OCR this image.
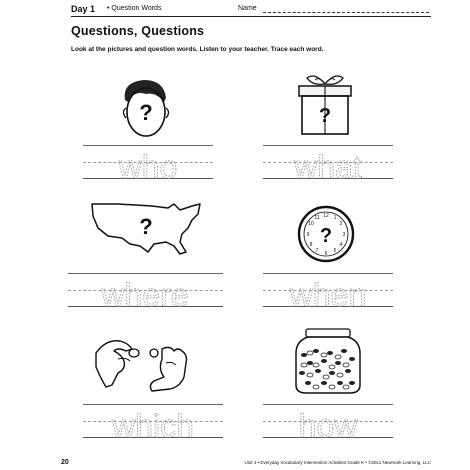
Day 1 • Question Words	Name
Questions, Questions
Look at the pictures and question words. Listen to your teacher. Trace each word.
?	?
?	12 1
2
3
4
5
6
7
8
9
10
11
?
who	what
where	when
which	how
20	Unit 4 • Everyday Vocabulary Intervention Activities Grade K • ©2011 Newmark Learning, LLC
